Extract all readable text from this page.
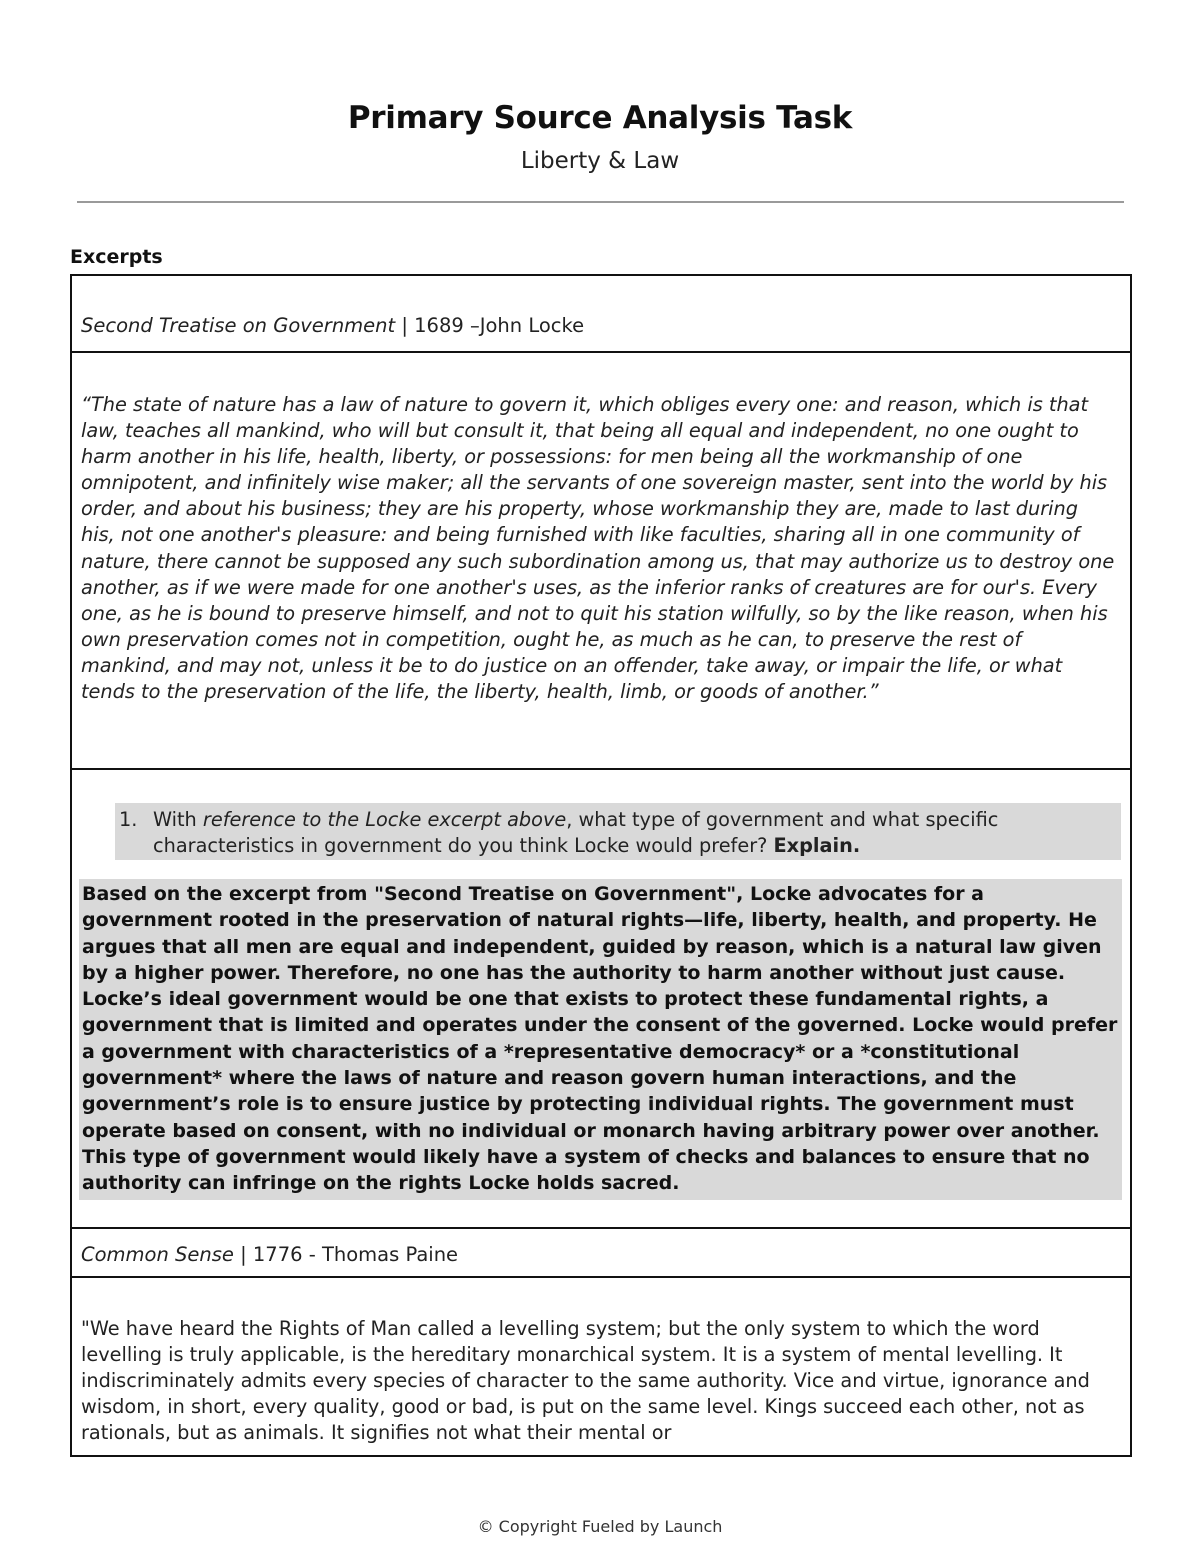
Primary Source Analysis Task
Liberty & Law
Excerpts
Second Treatise on Government | 1689 –John Locke
“The state of nature has a law of nature to govern it, which obliges every one: and reason, which is that law, teaches all mankind, who will but consult it, that being all equal and independent, no one ought to harm another in his life, health, liberty, or possessions: for men being all the workmanship of one omnipotent, and infinitely wise maker; all the servants of one sovereign master, sent into the world by his order, and about his business; they are his property, whose workmanship they are, made to last during his, not one another's pleasure: and being furnished with like faculties, sharing all in one community of nature, there cannot be supposed any such subordination among us, that may authorize us to destroy one another, as if we were made for one another's uses, as the inferior ranks of creatures are for our's. Every one, as he is bound to preserve himself, and not to quit his station wilfully, so by the like reason, when his own preservation comes not in competition, ought he, as much as he can, to preserve the rest of mankind, and may not, unless it be to do justice on an offender, take away, or impair the life, or what tends to the preservation of the life, the liberty, health, limb, or goods of another.”
1. With reference to the Locke excerpt above, what type of government and what specific characteristics in government do you think Locke would prefer? Explain.
Based on the excerpt from "Second Treatise on Government", Locke advocates for a government rooted in the preservation of natural rights—life, liberty, health, and property. He argues that all men are equal and independent, guided by reason, which is a natural law given by a higher power. Therefore, no one has the authority to harm another without just cause. Locke’s ideal government would be one that exists to protect these fundamental rights, a government that is limited and operates under the consent of the governed. Locke would prefer a government with characteristics of a *representative democracy* or a *constitutional government* where the laws of nature and reason govern human interactions, and the government’s role is to ensure justice by protecting individual rights. The government must operate based on consent, with no individual or monarch having arbitrary power over another. This type of government would likely have a system of checks and balances to ensure that no authority can infringe on the rights Locke holds sacred.
Common Sense | 1776 - Thomas Paine
"We have heard the Rights of Man called a levelling system; but the only system to which the word levelling is truly applicable, is the hereditary monarchical system. It is a system of mental levelling. It indiscriminately admits every species of character to the same authority. Vice and virtue, ignorance and wisdom, in short, every quality, good or bad, is put on the same level. Kings succeed each other, not as rationals, but as animals. It signifies not what their mental or
© Copyright Fueled by Launch
